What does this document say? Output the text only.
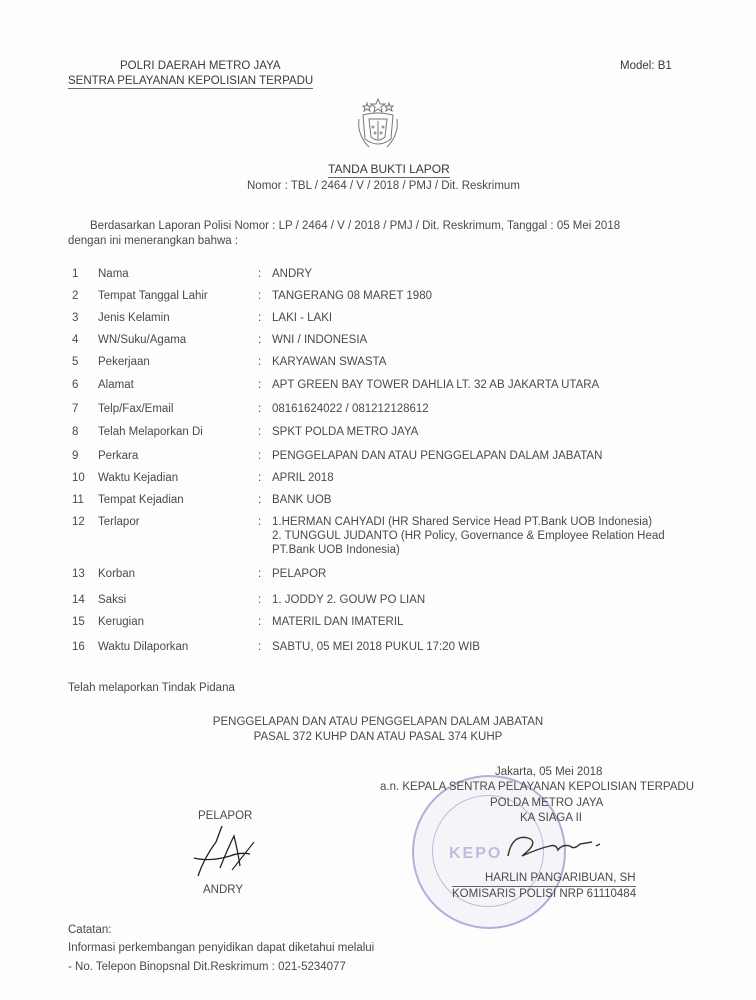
POLRI DAERAH METRO JAYA
SENTRA PELAYANAN KEPOLISIAN TERPADU
Model: B1
TANDA BUKTI LAPOR
Nomor : TBL / 2464 / V / 2018 / PMJ / Dit. Reskrimum
Berdasarkan Laporan Polisi Nomor : LP / 2464 / V / 2018 / PMJ / Dit. Reskrimum, Tanggal : 05 Mei 2018
dengan ini menerangkan bahwa :
1	Nama	: ANDRY
2	Tempat Tanggal Lahir	: TANGERANG 08 MARET 1980
3	Jenis Kelamin	: LAKI - LAKI
4	WN/Suku/Agama	: WNI / INDONESIA
5	Pekerjaan	: KARYAWAN SWASTA
6	Alamat	: APT GREEN BAY TOWER DAHLIA LT. 32 AB JAKARTA UTARA
7	Telp/Fax/Email	: 08161624022 / 081212128612
8	Telah Melaporkan Di	: SPKT POLDA METRO JAYA
9	Perkara	: PENGGELAPAN DAN ATAU PENGGELAPAN DALAM JABATAN
10	Waktu Kejadian	: APRIL 2018
11	Tempat Kejadian	: BANK UOB
12	Terlapor	: 1.HERMAN CAHYADI (HR Shared Service Head PT.Bank UOB Indonesia)
2. TUNGGUL JUDANTO (HR Policy, Governance & Employee Relation Head
PT.Bank UOB Indonesia)
13	Korban	: PELAPOR
14	Saksi	: 1. JODDY 2. GOUW PO LIAN
15	Kerugian	: MATERIL DAN IMATERIL
16	Waktu Dilaporkan	: SABTU, 05 MEI 2018 PUKUL 17:20 WIB
Telah melaporkan Tindak Pidana
PENGGELAPAN DAN ATAU PENGGELAPAN DALAM JABATAN
PASAL 372 KUHP DAN ATAU PASAL 374 KUHP
KEPO
Jakarta, 05 Mei 2018
a.n. KEPALA SENTRA PELAYANAN KEPOLISIAN TERPADU
POLDA METRO JAYA
KA SIAGA II
HARLIN PANGARIBUAN, SH
KOMISARIS POLISI NRP 61110484
PELAPOR
ANDRY
Catatan:
Informasi perkembangan penyidikan dapat diketahui melalui
- No. Telepon Binopsnal Dit.Reskrimum : 021-5234077
